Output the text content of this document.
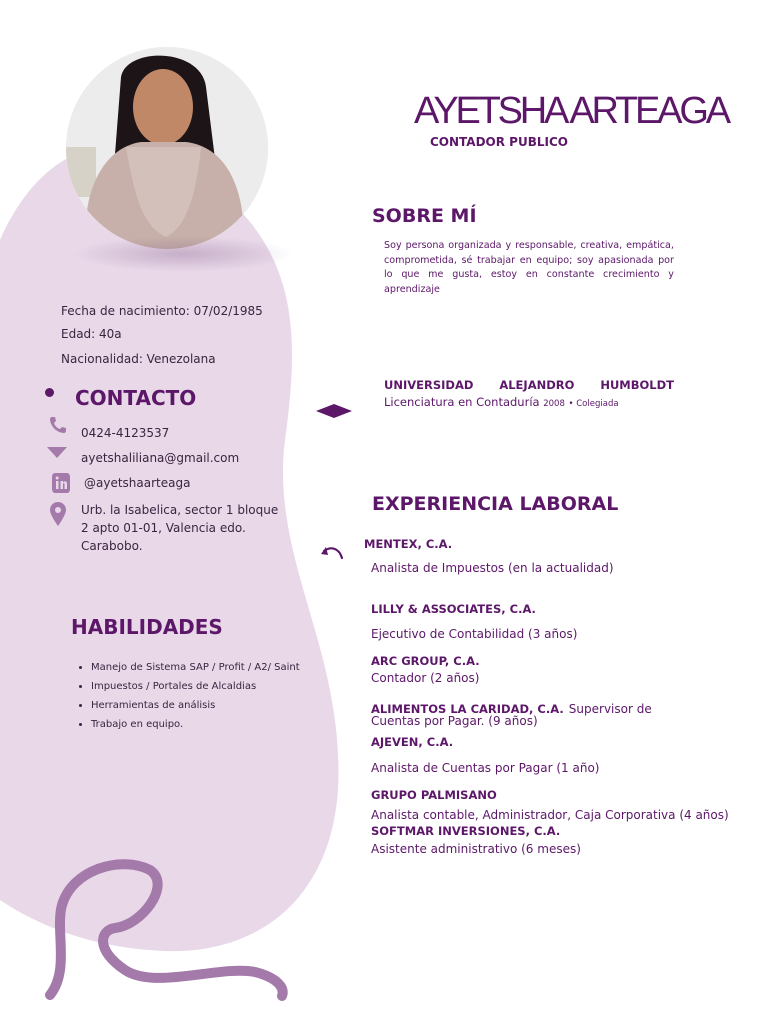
AYETSHA ARTEAGA
CONTADOR PUBLICO
SOBRE MÍ
Soy persona organizada y responsable, creativa, empática, comprometida, sé trabajar en equipo; soy apasionada por lo que me gusta, estoy en constante crecimiento y aprendizaje
UNIVERSIDAD ALEJANDRO HUMBOLDT
Licenciatura en Contaduría 2008 • Colegiada
Fecha de nacimiento: 07/02/1985
Edad: 40a
Nacionalidad: Venezolana
CONTACTO
0424-4123537
ayetshaliliana@gmail.com
@ayetshaarteaga
Urb. la Isabelica, sector 1 bloque
2 apto 01-01, Valencia edo.
Carabobo.
HABILIDADES
• Manejo de Sistema SAP / Profit / A2/ Saint
• Impuestos / Portales de Alcaldias
• Herramientas de análisis
• Trabajo en equipo.
EXPERIENCIA LABORAL
MENTEX, C.A.
Analista de Impuestos (en la actualidad)
LILLY & ASSOCIATES, C.A.
Ejecutivo de Contabilidad (3 años)
ARC GROUP, C.A.
Contador (2 años)
ALIMENTOS LA CARIDAD, C.A. Supervisor de
Cuentas por Pagar. (9 años)
AJEVEN, C.A.
Analista de Cuentas por Pagar (1 año)
GRUPO PALMISANO
Analista contable, Administrador, Caja Corporativa (4 años)
SOFTMAR INVERSIONES, C.A.
Asistente administrativo (6 meses)
